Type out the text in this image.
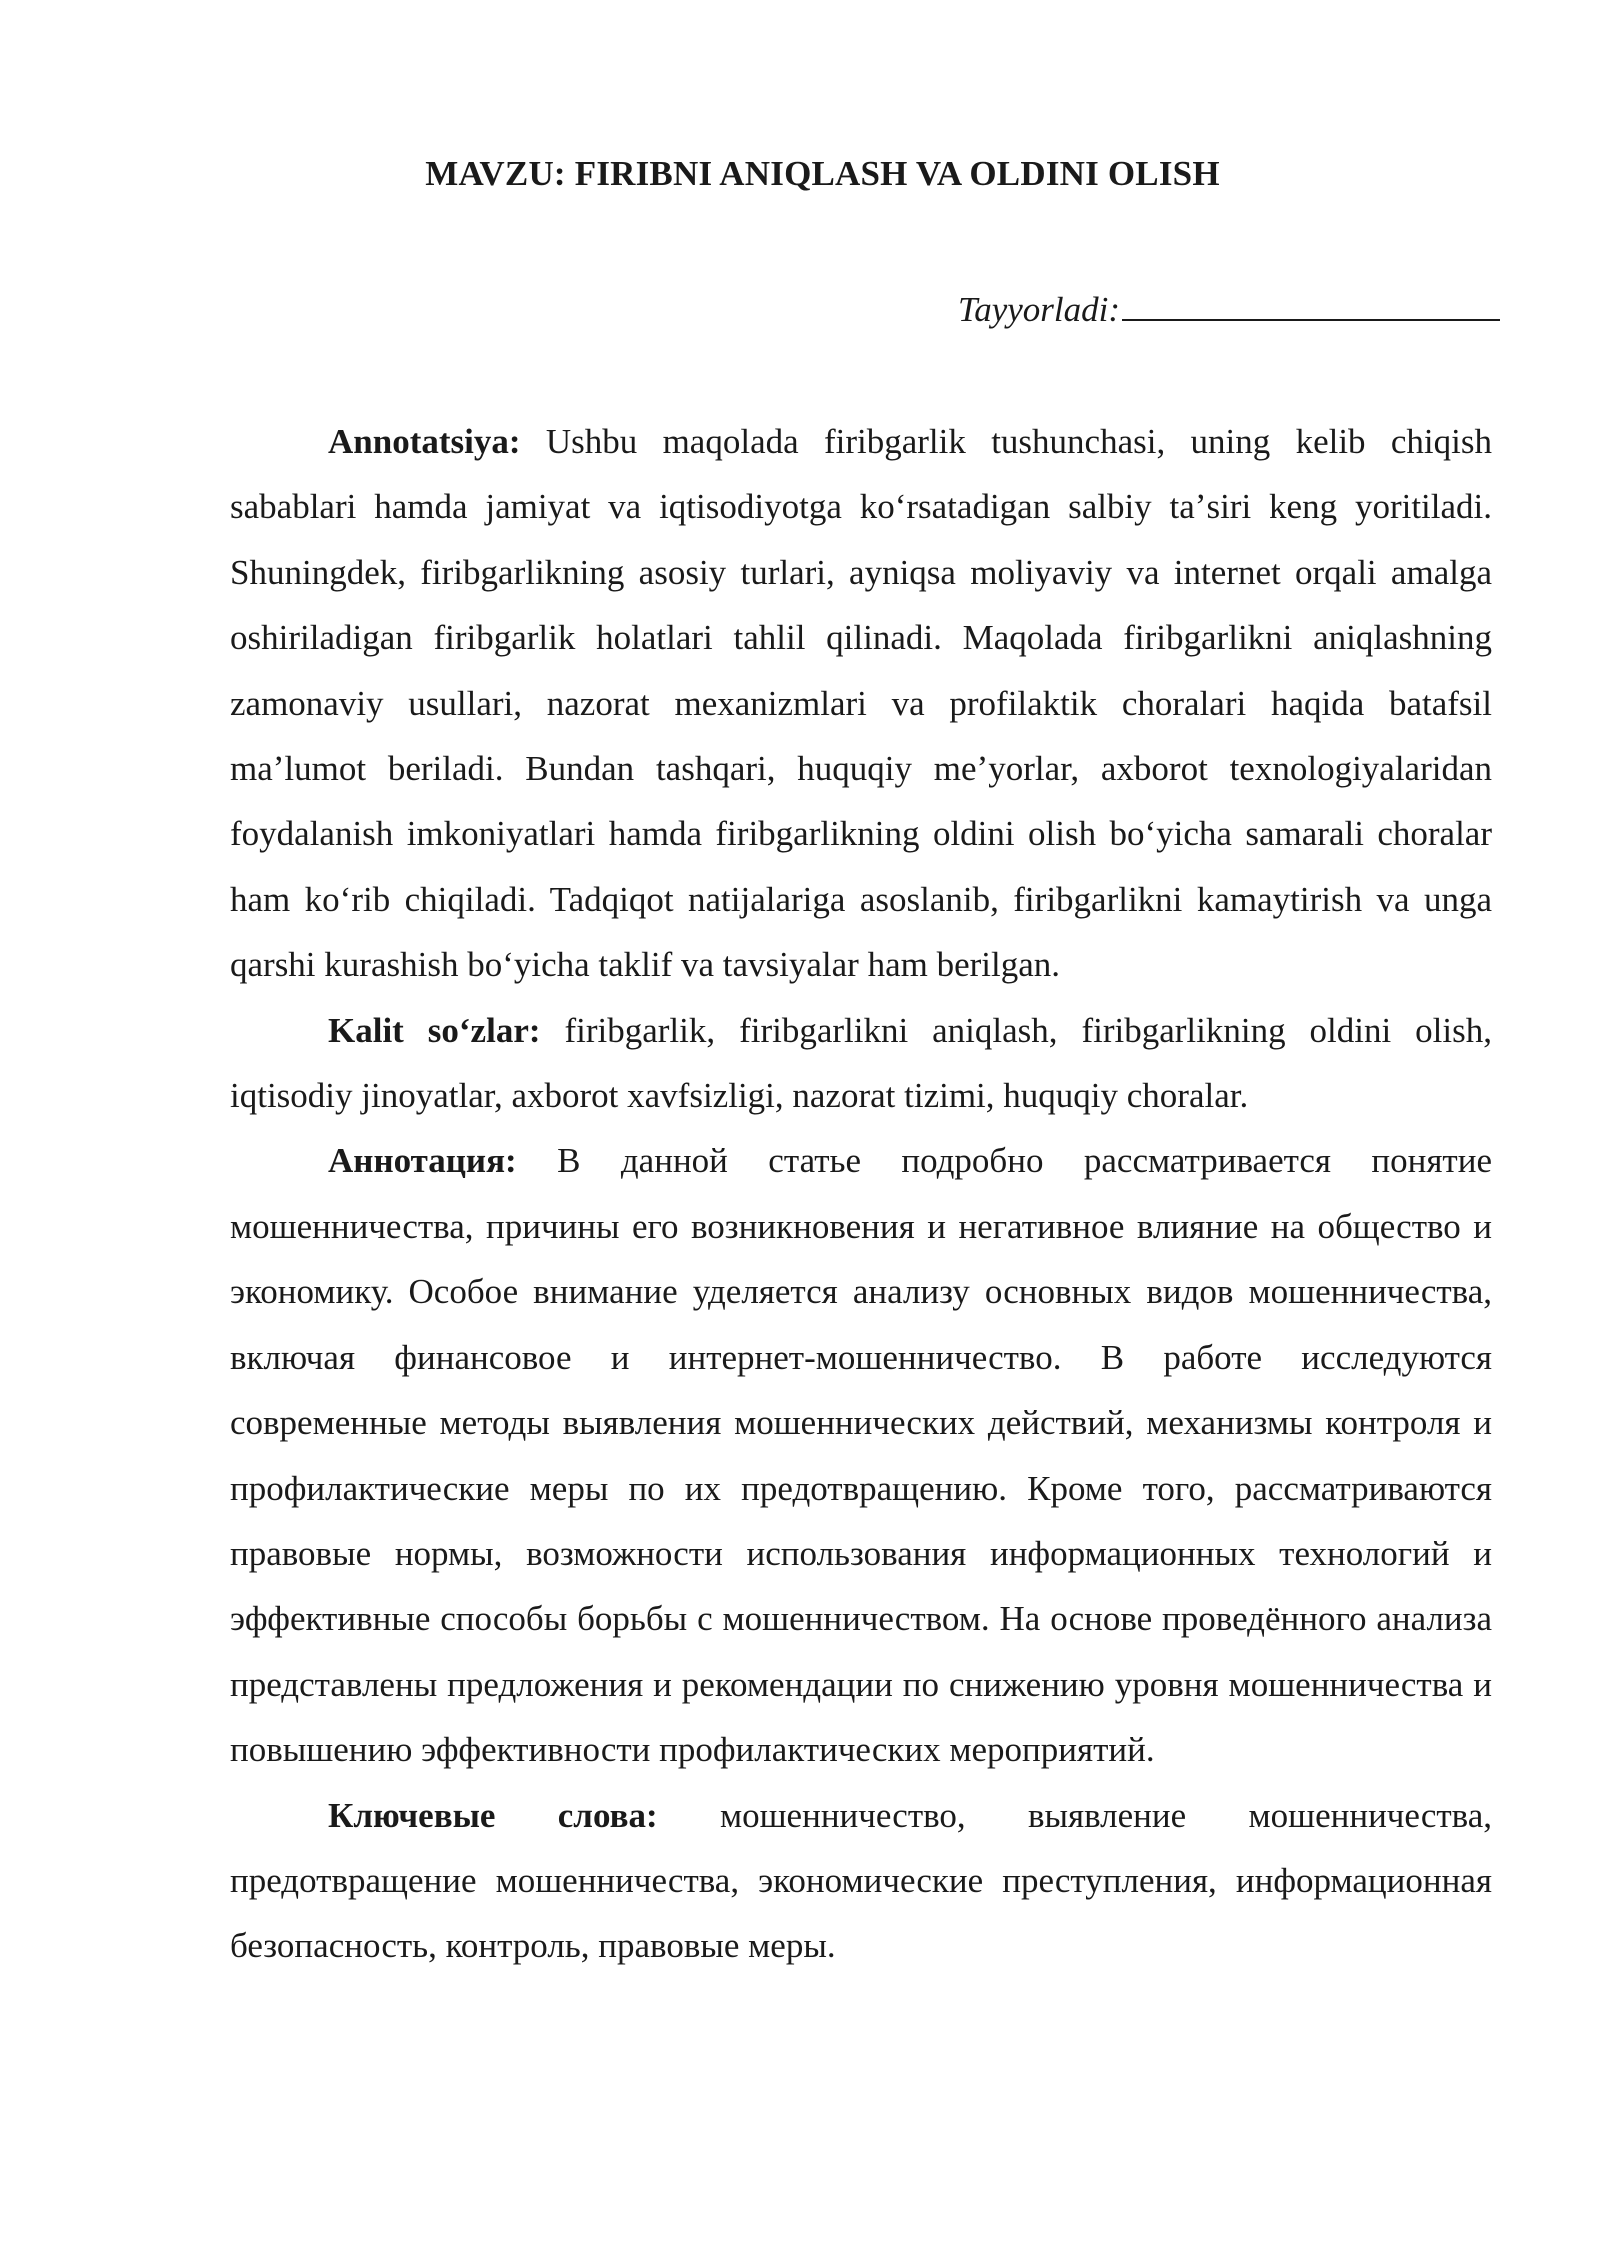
MAVZU: FIRIBNI ANIQLASH VA OLDINI OLISH
Tayyorladi:

Annotatsiya: Ushbu maqolada firibgarlik tushunchasi, uning kelib chiqish sabablari hamda jamiyat va iqtisodiyotga koʻrsatadigan salbiy taʼsiri keng yoritiladi. Shuningdek, firibgarlikning asosiy turlari, ayniqsa moliyaviy va internet orqali amalga oshiriladigan firibgarlik holatlari tahlil qilinadi. Maqolada firibgarlikni aniqlashning zamonaviy usullari, nazorat mexanizmlari va profilaktik choralari haqida batafsil maʼlumot beriladi. Bundan tashqari, huquqiy meʼyorlar, axborot texnologiyalaridan foydalanish imkoniyatlari hamda firibgarlikning oldini olish boʻyicha samarali choralar ham koʻrib chiqiladi. Tadqiqot natijalariga asoslanib, firibgarlikni kamaytirish va unga qarshi kurashish boʻyicha taklif va tavsiyalar ham berilgan.

Kalit soʻzlar: firibgarlik, firibgarlikni aniqlash, firibgarlikning oldini olish, iqtisodiy jinoyatlar, axborot xavfsizligi, nazorat tizimi, huquqiy choralar.

Аннотация: В данной статье подробно рассматривается понятие мошенничества, причины его возникновения и негативное влияние на общество и экономику. Особое внимание уделяется анализу основных видов мошенничества, включая финансовое и интернет-мошенничество. В работе исследуются современные методы выявления мошеннических действий, механизмы контроля и профилактические меры по их предотвращению. Кроме того, рассматриваются правовые нормы, возможности использования информационных технологий и эффективные способы борьбы с мошенничеством. На основе проведённого анализа представлены предложения и рекомендации по снижению уровня мошенничества и повышению эффективности профилактических мероприятий.

Ключевые слова: мошенничество, выявление мошенничества, предотвращение мошенничества, экономические преступления, информационная безопасность, контроль, правовые меры.
